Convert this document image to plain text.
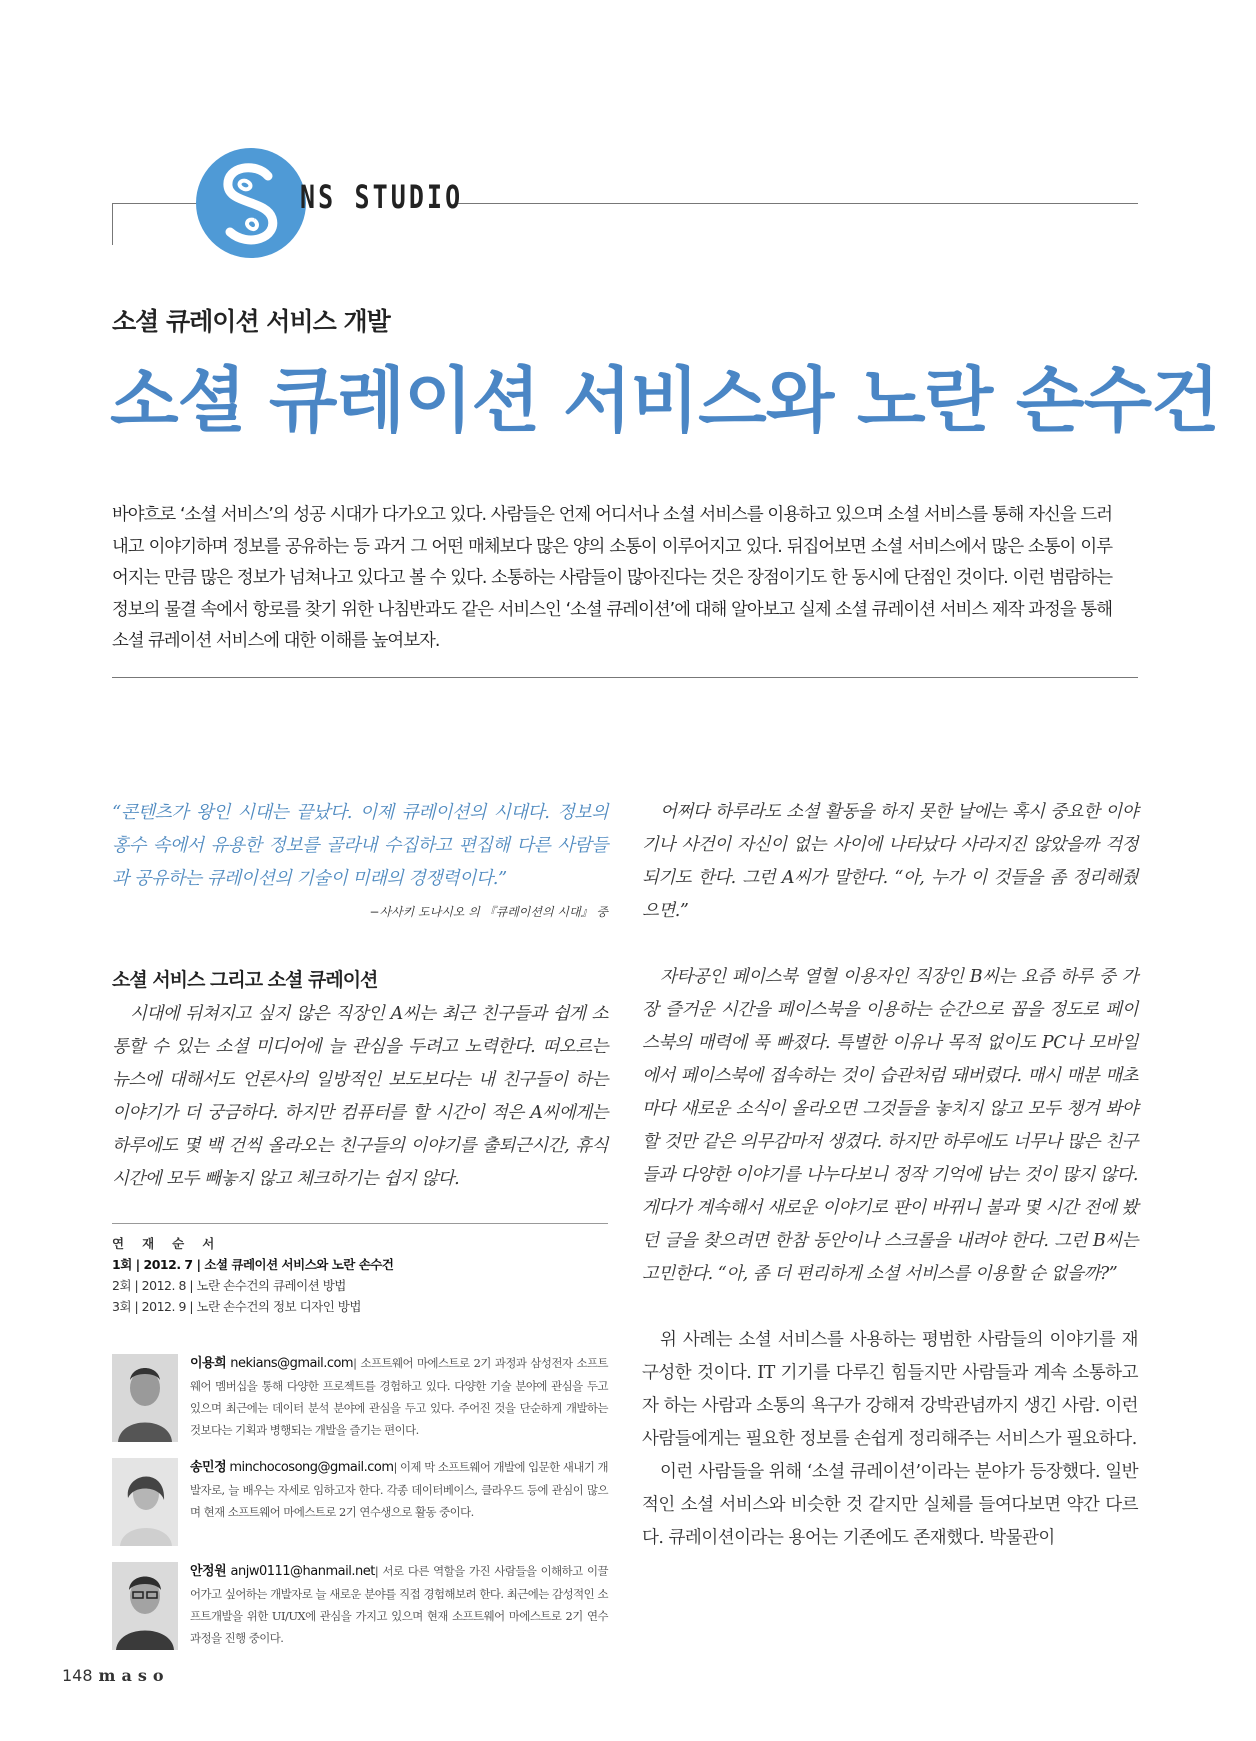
S
NS STUDIO
소셜 큐레이션 서비스 개발
소셜 큐레이션 서비스와 노란 손수건
바야흐로 ‘소셜 서비스’의 성공 시대가 다가오고 있다. 사람들은 언제 어디서나 소셜 서비스를 이용하고 있으며 소셜 서비스를 통해 자신을 드러내고 이야기하며 정보를 공유하는 등 과거 그 어떤 매체보다 많은 양의 소통이 이루어지고 있다. 뒤집어보면 소셜 서비스에서 많은 소통이 이루어지는 만큼 많은 정보가 넘쳐나고 있다고 볼 수 있다. 소통하는 사람들이 많아진다는 것은 장점이기도 한 동시에 단점인 것이다. 이런 범람하는 정보의 물결 속에서 항로를 찾기 위한 나침반과도 같은 서비스인 ‘소셜 큐레이션’에 대해 알아보고 실제 소셜 큐레이션 서비스 제작 과정을 통해 소셜 큐레이션 서비스에 대한 이해를 높여보자.
“콘텐츠가 왕인 시대는 끝났다. 이제 큐레이션의 시대다. 정보의 홍수 속에서 유용한 정보를 골라내 수집하고 편집해 다른 사람들과 공유하는 큐레이션의 기술이 미래의 경쟁력이다.”
−사사키 도나시오 의 『큐레이션의 시대』 중
소셜 서비스 그리고 소셜 큐레이션

시대에 뒤쳐지고 싶지 않은 직장인 A씨는 최근 친구들과 쉽게 소통할 수 있는 소셜 미디어에 늘 관심을 두려고 노력한다. 떠오르는 뉴스에 대해서도 언론사의 일방적인 보도보다는 내 친구들이 하는 이야기가 더 궁금하다. 하지만 컴퓨터를 할 시간이 적은 A씨에게는 하루에도 몇 백 건씩 올라오는 친구들의 이야기를 출퇴근시간, 휴식시간에 모두 빼놓지 않고 체크하기는 쉽지 않다.

연재순서
1회 | 2012. 7 | 소셜 큐레이션 서비스와 노란 손수건
2회 | 2012. 8 | 노란 손수건의 큐레이션 방법
3회 | 2012. 9 | 노란 손수건의 정보 디자인 방법
이용희 nekians@gmail.com| 소프트웨어 마에스트로 2기 과정과 삼성전자 소프트웨어 멤버십을 통해 다양한 프로젝트를 경험하고 있다. 다양한 기술 분야에 관심을 두고 있으며 최근에는 데이터 분석 분야에 관심을 두고 있다. 주어진 것을 단순하게 개발하는 것보다는 기획과 병행되는 개발을 즐기는 편이다.
송민정 minchocosong@gmail.com| 이제 막 소프트웨어 개발에 입문한 새내기 개발자로, 늘 배우는 자세로 임하고자 한다. 각종 데이터베이스, 클라우드 등에 관심이 많으며 현재 소프트웨어 마에스트로 2기 연수생으로 활동 중이다.
안정원 anjw0111@hanmail.net| 서로 다른 역할을 가진 사람들을 이해하고 이끌어가고 싶어하는 개발자로 늘 새로운 분야를 직접 경험해보려 한다. 최근에는 감성적인 소프트개발을 위한 UI/UX에 관심을 가지고 있으며 현재 소프트웨어 마에스트로 2기 연수 과정을 진행 중이다.

어쩌다 하루라도 소셜 활동을 하지 못한 날에는 혹시 중요한 이야기나 사건이 자신이 없는 사이에 나타났다 사라지진 않았을까 걱정되기도 한다. 그런 A씨가 말한다. “아, 누가 이 것들을 좀 정리해줬으면.”

자타공인 페이스북 열혈 이용자인 직장인 B씨는 요즘 하루 중 가장 즐거운 시간을 페이스북을 이용하는 순간으로 꼽을 정도로 페이스북의 매력에 푹 빠졌다. 특별한 이유나 목적 없이도 PC나 모바일에서 페이스북에 접속하는 것이 습관처럼 돼버렸다. 매시 매분 매초마다 새로운 소식이 올라오면 그것들을 놓치지 않고 모두 챙겨 봐야할 것만 같은 의무감마저 생겼다. 하지만 하루에도 너무나 많은 친구들과 다양한 이야기를 나누다보니 정작 기억에 남는 것이 많지 않다. 게다가 계속해서 새로운 이야기로 판이 바뀌니 불과 몇 시간 전에 봤던 글을 찾으려면 한참 동안이나 스크롤을 내려야 한다. 그런 B씨는 고민한다. “아, 좀 더 편리하게 소셜 서비스를 이용할 순 없을까?”

위 사례는 소셜 서비스를 사용하는 평범한 사람들의 이야기를 재구성한 것이다. IT 기기를 다루긴 힘들지만 사람들과 계속 소통하고자 하는 사람과 소통의 욕구가 강해져 강박관념까지 생긴 사람. 이런 사람들에게는 필요한 정보를 손쉽게 정리해주는 서비스가 필요하다.

이런 사람들을 위해 ‘소셜 큐레이션’이라는 분야가 등장했다. 일반적인 소셜 서비스와 비슷한 것 같지만 실체를 들여다보면 약간 다르다. 큐레이션이라는 용어는 기존에도 존재했다. 박물관이

148 maso
